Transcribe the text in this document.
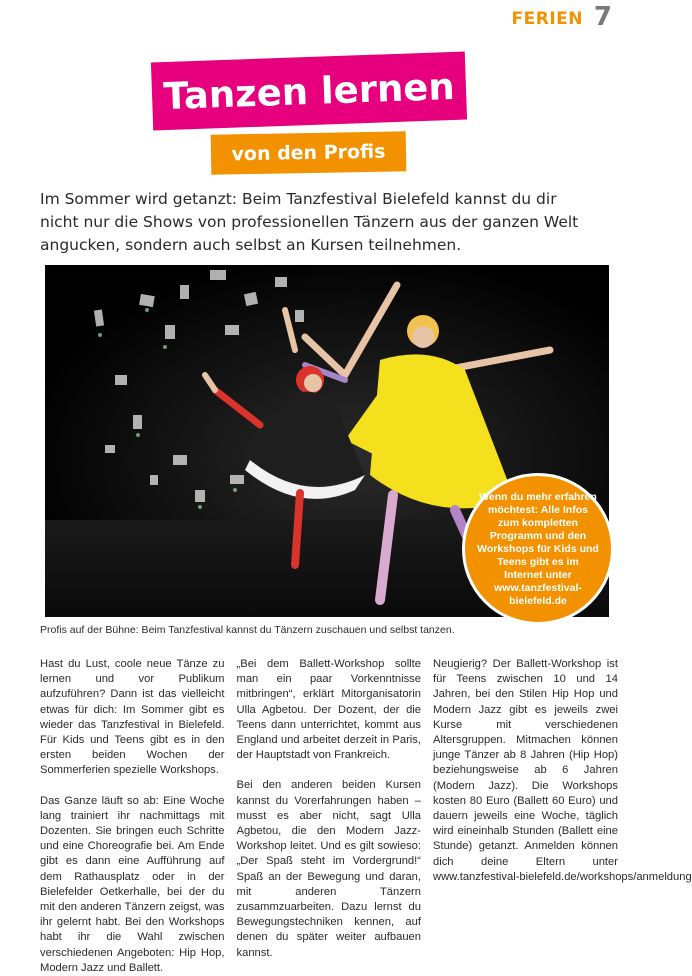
FERIEN 7
Tanzen lernen
von den Profis

Im Sommer wird getanzt: Beim Tanzfestival Bielefeld kannst du dir nicht nur die Shows von professionellen Tänzern aus der ganzen Welt angucken, sondern auch selbst an Kursen teilnehmen.

Wenn du mehr erfahren möchtest: Alle Infos zum kompletten Programm und den Workshops für Kids und Teens gibt es im Internet unter www.tanzfestival-bielefeld.de

Profis auf der Bühne: Beim Tanzfestival kannst du Tänzern zuschauen und selbst tanzen.

Hast du Lust, coole neue Tänze zu lernen und vor Publikum aufzuführen? Dann ist das vielleicht etwas für dich: Im Sommer gibt es wieder das Tanzfestival in Bielefeld. Für Kids und Teens gibt es in den ersten beiden Wochen der Sommerferien spezielle Workshops.

Das Ganze läuft so ab: Eine Woche lang trainiert ihr nachmittags mit Dozenten. Sie bringen euch Schritte und eine Choreografie bei. Am Ende gibt es dann eine Aufführung auf dem Rathausplatz oder in der Bielefelder Oetkerhalle, bei der du mit den anderen Tänzern zeigst, was ihr gelernt habt. Bei den Workshops habt ihr die Wahl zwischen verschiedenen Angeboten: Hip Hop, Modern Jazz und Ballett.

„Bei dem Ballett-Workshop sollte man ein paar Vorkenntnisse mitbringen“, erklärt Mitorganisatorin Ulla Agbetou. Der Dozent, der die Teens dann unterrichtet, kommt aus England und arbeitet derzeit in Paris, der Hauptstadt von Frankreich.

Bei den anderen beiden Kursen kannst du Vorerfahrungen haben – musst es aber nicht, sagt Ulla Agbetou, die den Modern Jazz-Workshop leitet. Und es gilt sowieso: „Der Spaß steht im Vordergrund!“ Spaß an der Bewegung und daran, mit anderen Tänzern zusammzuarbeiten. Dazu lernst du Bewegungstechniken kennen, auf denen du später weiter aufbauen kannst.

Neugierig? Der Ballett-Workshop ist für Teens zwischen 10 und 14 Jahren, bei den Stilen Hip Hop und Modern Jazz gibt es jeweils zwei Kurse mit verschiedenen Altersgruppen. Mitmachen können junge Tänzer ab 8 Jahren (Hip Hop) beziehungsweise ab 6 Jahren (Modern Jazz). Die Workshops kosten 80 Euro (Ballett 60 Euro) und dauern jeweils eine Woche, täglich wird eineinhalb Stunden (Ballett eine Stunde) getanzt. Anmelden können dich deine Eltern unter www.tanzfestival-bielefeld.de/workshops/anmeldung
